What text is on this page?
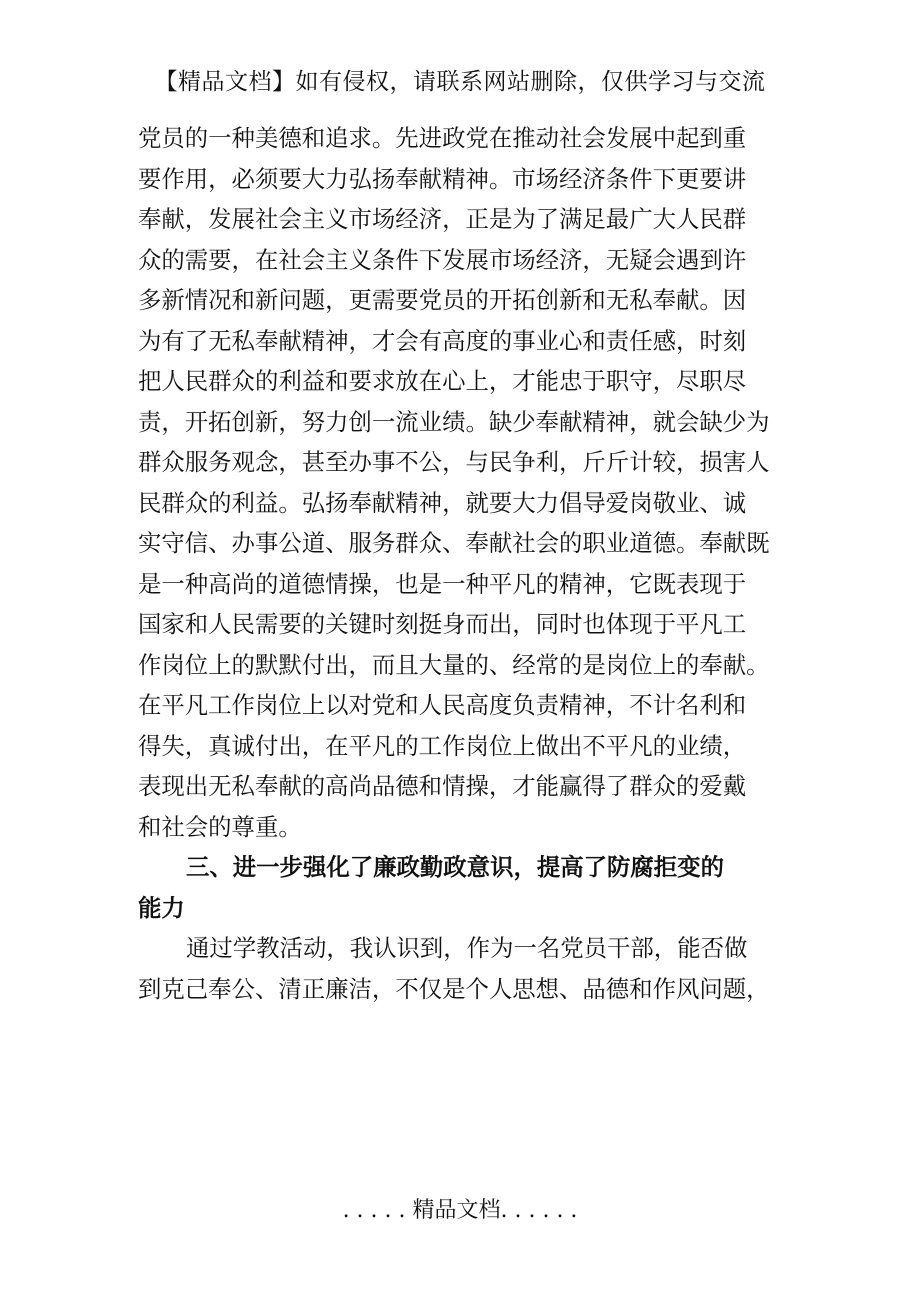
【精品文档】如有侵权，请联系网站删除，仅供学习与交流
党员的一种美德和追求。先进政党在推动社会发展中起到重
要作用，必须要大力弘扬奉献精神。市场经济条件下更要讲
奉献，发展社会主义市场经济，正是为了满足最广大人民群
众的需要，在社会主义条件下发展市场经济，无疑会遇到许
多新情况和新问题，更需要党员的开拓创新和无私奉献。因
为有了无私奉献精神，才会有高度的事业心和责任感，时刻
把人民群众的利益和要求放在心上，才能忠于职守，尽职尽
责，开拓创新，努力创一流业绩。缺少奉献精神，就会缺少为
群众服务观念，甚至办事不公，与民争利，斤斤计较，损害人
民群众的利益。弘扬奉献精神，就要大力倡导爱岗敬业、诚
实守信、办事公道、服务群众、奉献社会的职业道德。奉献既
是一种高尚的道德情操，也是一种平凡的精神，它既表现于
国家和人民需要的关键时刻挺身而出，同时也体现于平凡工
作岗位上的默默付出，而且大量的、经常的是岗位上的奉献。
在平凡工作岗位上以对党和人民高度负责精神，不计名利和
得失，真诚付出，在平凡的工作岗位上做出不平凡的业绩，
表现出无私奉献的高尚品德和情操，才能赢得了群众的爱戴
和社会的尊重。
三、进一步强化了廉政勤政意识，提高了防腐拒变的
能力
通过学教活动，我认识到，作为一名党员干部，能否做
到克己奉公、清正廉洁，不仅是个人思想、品德和作风问题，
. . . . . 精品文档. . . . . .
